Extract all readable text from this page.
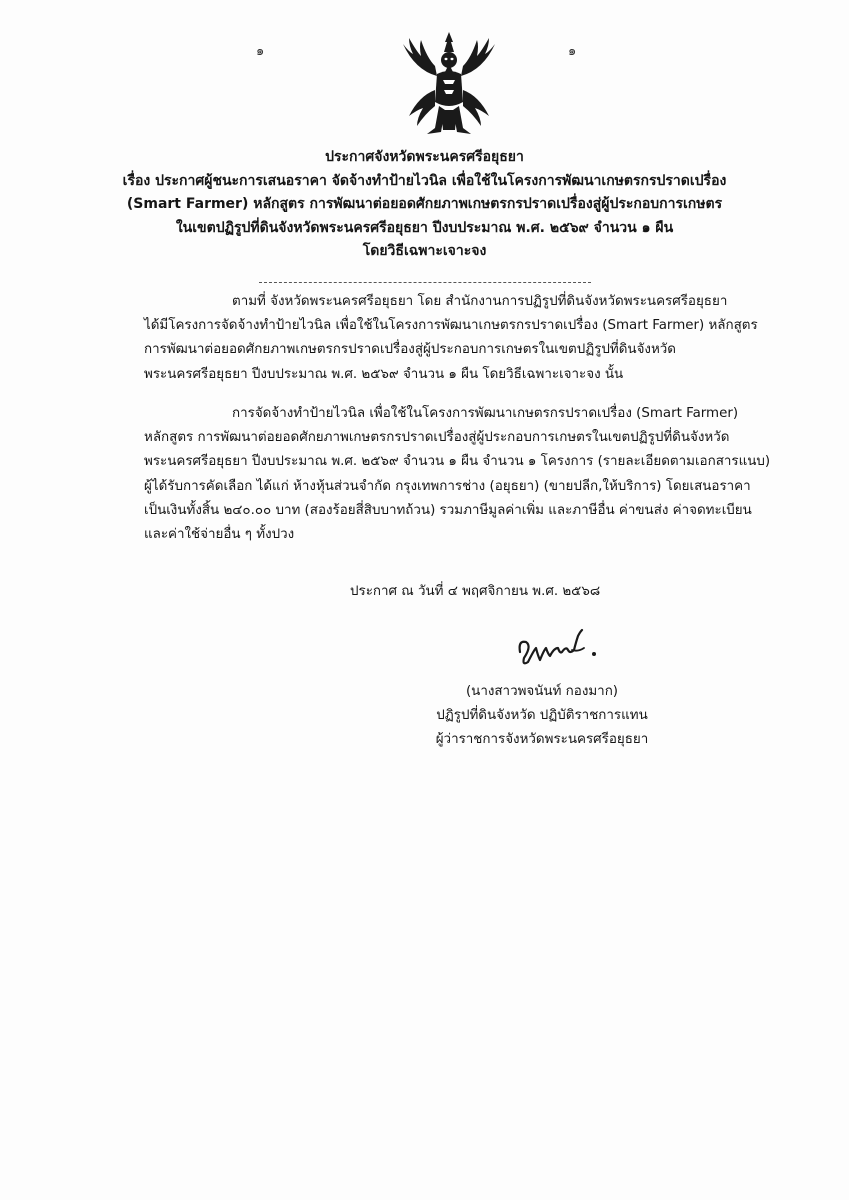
๑	๑
ประกาศจังหวัดพระนครศรีอยุธยา
เรื่อง ประกาศผู้ชนะการเสนอราคา จัดจ้างทำป้ายไวนิล เพื่อใช้ในโครงการพัฒนาเกษตรกรปราดเปรื่อง
(Smart Farmer) หลักสูตร การพัฒนาต่อยอดศักยภาพเกษตรกรปราดเปรื่องสู่ผู้ประกอบการเกษตร
ในเขตปฏิรูปที่ดินจังหวัดพระนครศรีอยุธยา ปีงบประมาณ พ.ศ. ๒๕๖๙ จำนวน ๑ ผืน
โดยวิธีเฉพาะเจาะจง
ตามที่ จังหวัดพระนครศรีอยุธยา โดย สำนักงานการปฏิรูปที่ดินจังหวัดพระนครศรีอยุธยา
ได้มีโครงการจัดจ้างทำป้ายไวนิล เพื่อใช้ในโครงการพัฒนาเกษตรกรปราดเปรื่อง (Smart Farmer) หลักสูตร
การพัฒนาต่อยอดศักยภาพเกษตรกรปราดเปรื่องสู่ผู้ประกอบการเกษตรในเขตปฏิรูปที่ดินจังหวัด
พระนครศรีอยุธยา ปีงบประมาณ พ.ศ. ๒๕๖๙ จำนวน ๑ ผืน โดยวิธีเฉพาะเจาะจง นั้น
การจัดจ้างทำป้ายไวนิล เพื่อใช้ในโครงการพัฒนาเกษตรกรปราดเปรื่อง (Smart Farmer)
หลักสูตร การพัฒนาต่อยอดศักยภาพเกษตรกรปราดเปรื่องสู่ผู้ประกอบการเกษตรในเขตปฏิรูปที่ดินจังหวัด
พระนครศรีอยุธยา ปีงบประมาณ พ.ศ. ๒๕๖๙ จำนวน ๑ ผืน จำนวน ๑ โครงการ (รายละเอียดตามเอกสารแนบ)
ผู้ได้รับการคัดเลือก ได้แก่ ห้างหุ้นส่วนจำกัด กรุงเทพการช่าง (อยุธยา) (ขายปลีก,ให้บริการ) โดยเสนอราคา
เป็นเงินทั้งสิ้น ๒๔๐.๐๐ บาท (สองร้อยสี่สิบบาทถ้วน) รวมภาษีมูลค่าเพิ่ม และภาษีอื่น ค่าขนส่ง ค่าจดทะเบียน
และค่าใช้จ่ายอื่น ๆ ทั้งปวง
ประกาศ ณ วันที่ ๔ พฤศจิกายน พ.ศ. ๒๕๖๘
(นางสาวพจนันท์ กองมาก)
ปฏิรูปที่ดินจังหวัด ปฏิบัติราชการแทน
ผู้ว่าราชการจังหวัดพระนครศรีอยุธยา
